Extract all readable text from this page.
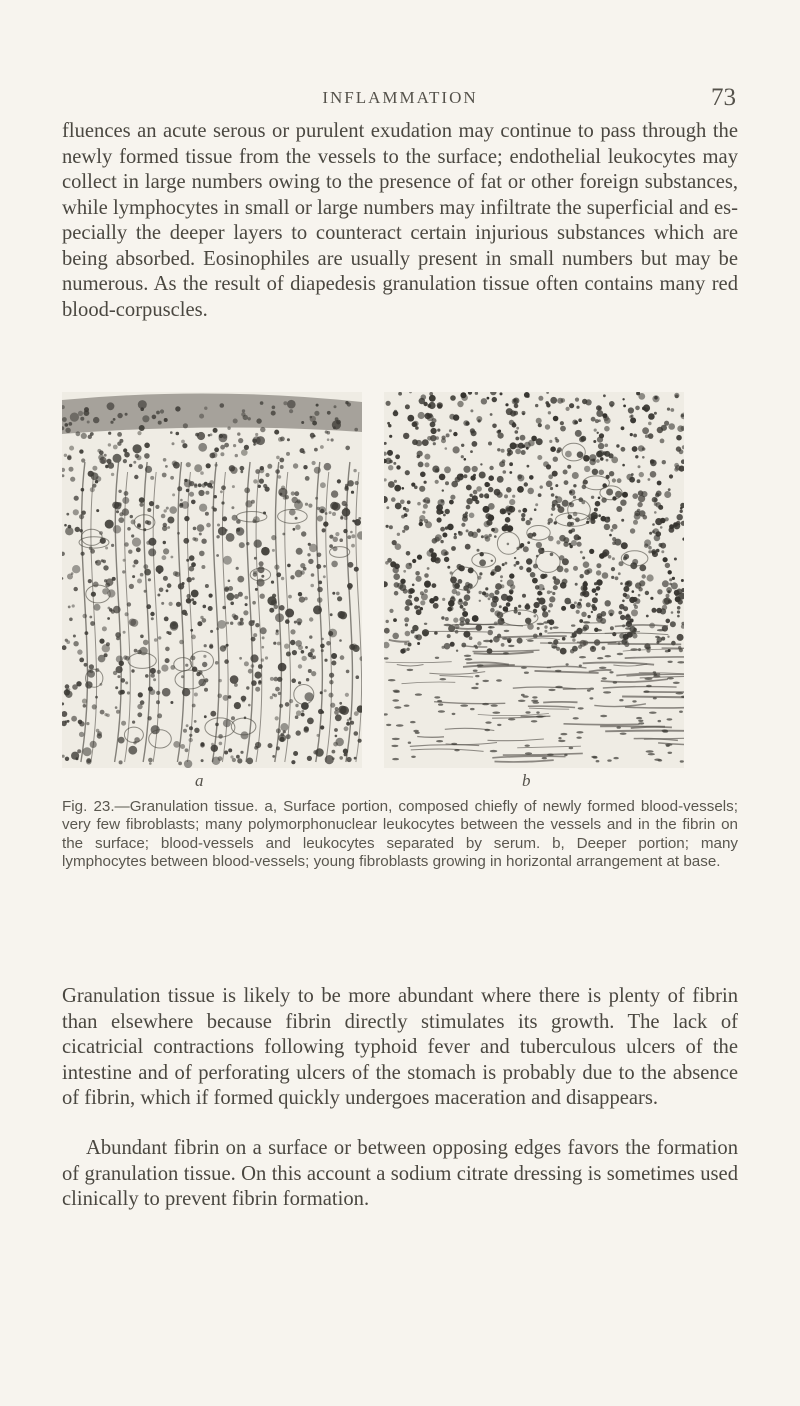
INFLAMMATION	73

fluences an acute serous or purulent exudation may continue to pass through the newly formed tissue from the vessels to the surface; endothelial leukocytes may collect in large numbers owing to the presence of fat or other foreign substances, while lymphocytes in small or large numbers may infiltrate the superficial and es- pecially the deeper layers to counteract certain injurious substances which are being absorbed. Eosinophiles are usually present in small numbers but may be numerous. As the result of diapedesis granulation tissue often contains many red blood-corpuscles.

a	b

Fig. 23.—Granulation tissue. a, Surface portion, composed chiefly of newly formed blood-vessels; very few fibroblasts; many polymorphonuclear leukocytes between the vessels and in the fibrin on the surface; blood-vessels and leukocytes separated by serum. b, Deeper portion; many lymphocytes between blood-vessels; young fibroblasts growing in horizontal arrangement at base.

Granulation tissue is likely to be more abundant where there is plenty of fibrin than elsewhere because fibrin directly stimulates its growth. The lack of cicatricial contractions following typhoid fever and tuberculous ulcers of the intestine and of perforating ulcers of the stomach is probably due to the absence of fibrin, which if formed quickly undergoes maceration and disappears.

Abundant fibrin on a surface or between opposing edges favors the formation of granulation tissue. On this account a sodium citrate dressing is sometimes used clinically to prevent fibrin formation.
